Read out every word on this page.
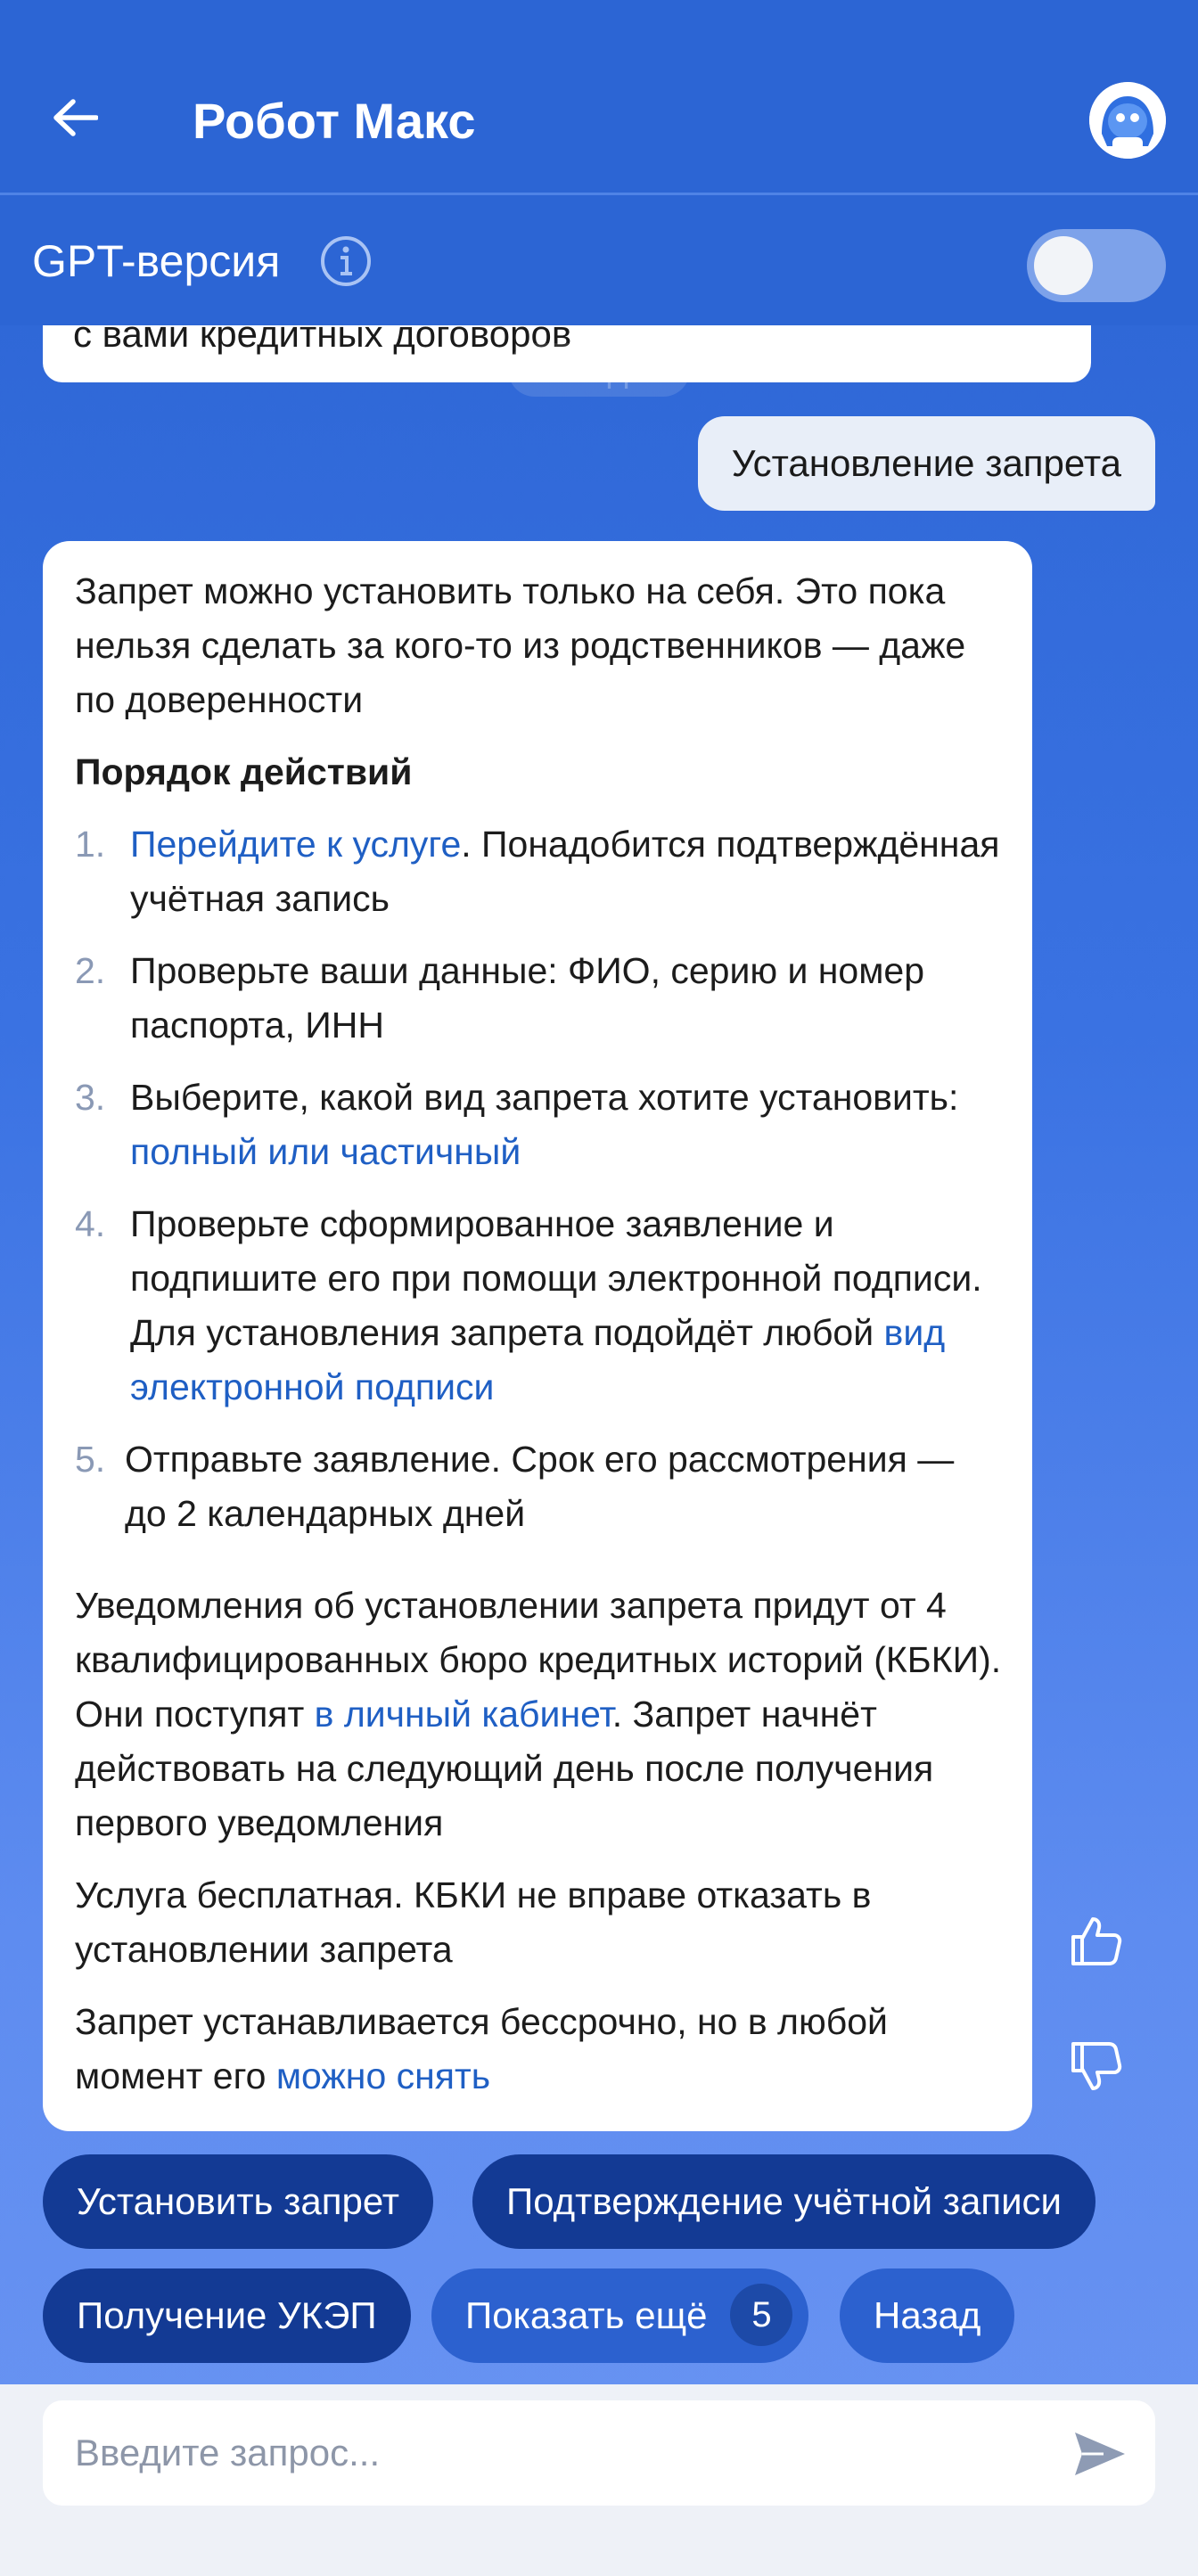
Робот Макс
GPT-версия
с вами кредитных договоров
Сегодня
Установление запрета

Запрет можно установить только на себя. Это пока нельзя сделать за кого-то из родственников — даже по доверенности

Порядок действий

1. Перейдите к услуге. Понадобится подтверждённая учётная запись
2. Проверьте ваши данные: ФИО, серию и номер паспорта, ИНН
3. Выберите, какой вид запрета хотите установить: полный или частичный
4. Проверьте сформированное заявление и подпишите его при помощи электронной подписи. Для установления запрета подойдёт любой вид электронной подписи
5. Отправьте заявление. Срок его рассмотрения — до 2 календарных дней

Уведомления об установлении запрета придут от 4 квалифицированных бюро кредитных историй (КБКИ). Они поступят в личный кабинет. Запрет начнёт действовать на следующий день после получения первого уведомления

Услуга бесплатная. КБКИ не вправе отказать в установлении запрета

Запрет устанавливается бессрочно, но в любой момент его можно снять

Установить запрет	Подтверждение учётной записи
Получение УКЭП	Показать ещё 5	Назад
Введите запрос...
